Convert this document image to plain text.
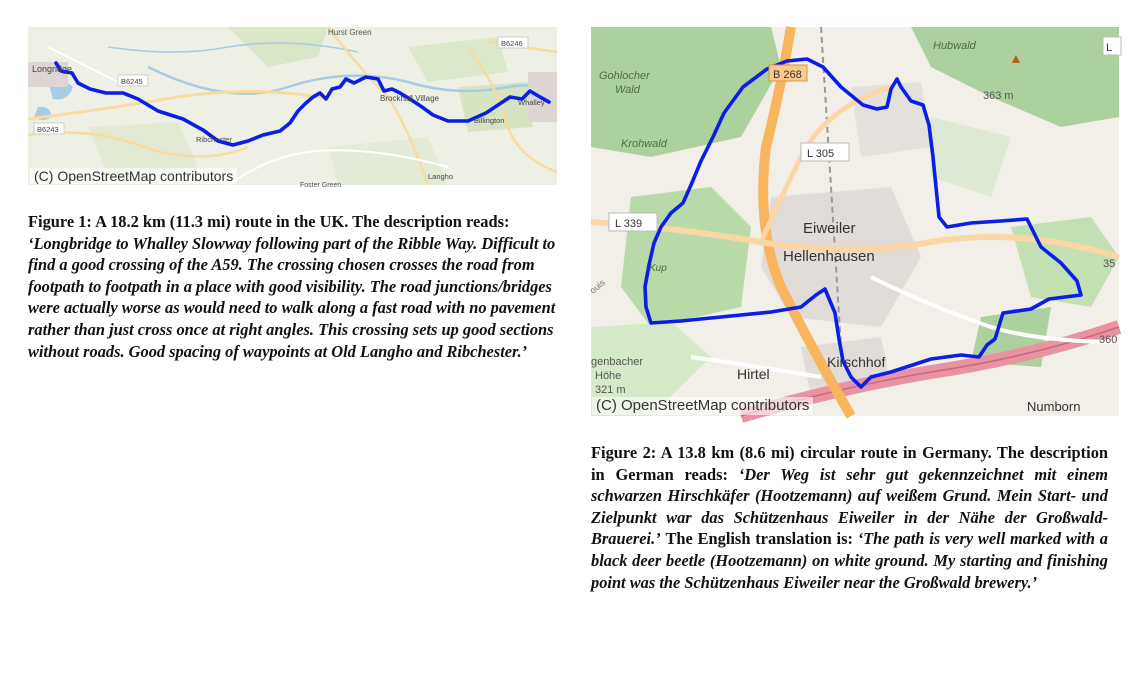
Longridge
Hurst Green
B6246
B6245
B6243
Brockhall Village	Whalley
Billington
Ribchester
Langho
Foster Green
(C) OpenStreetMap contributors

Figure 1: A 18.2 km (11.3 mi) route in the UK. The description reads: ‘Longbridge to Whalley Slowway following part of the Ribble Way. Difficult to find a good crossing of the A59. The crossing chosen crosses the road from footpath to footpath in a place with good visibility. The road junctions/bridges were actually worse as would need to walk along a fast road with no pavement rather than just cross once at right angles. This crossing sets up good sections without roads. Good spacing of waypoints at Old Langho and Ribchester.’

Gohlocher
Wald
B 268
Hubwald	L
▲
363 m
Krohwald
L 305
L 339	Eiweiler
Hellenhausen
Kup
ouis
35
360
genbacher
Höhe
321 m
Hirtel
Kirschhof
Numborn
(C) OpenStreetMap contributors

Figure 2: A 13.8 km (8.6 mi) circular route in Germany. The description in German reads: ‘Der Weg ist sehr gut gekennzeichnet mit einem schwarzen Hirschkäfer (Hootzemann) auf weißem Grund. Mein Start- und Zielpunkt war das Schützenhaus Eiweiler in der Nähe der Großwald-Brauerei.’ The English translation is: ‘The path is very well marked with a black deer beetle (Hootzemann) on white ground. My starting and finishing point was the Schützenhaus Eiweiler near the Großwald brewery.’
